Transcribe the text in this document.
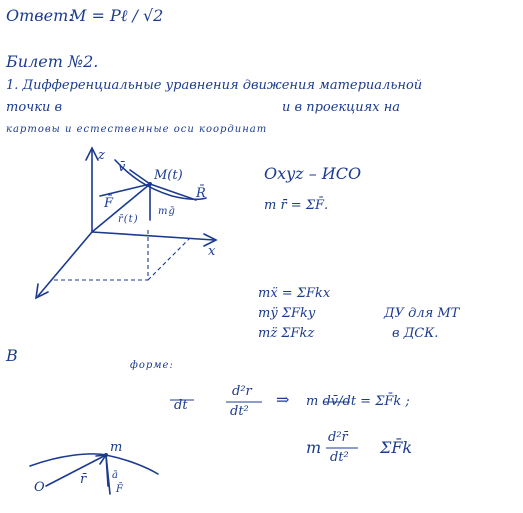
Ответ:
M = Pℓ / √2
Билет №2.
1. Дифференциальные уравнения движения материальной
точки в	и в проекциях на
картовы и естественные оси координат
z
x
M(t)
v̄
F̄
R̄
r̄(t)
mḡ
Oxyz – ИСО
m r̄̈ = ΣF̄.
mẍ = ΣFkx
mÿ ΣFky
mz̈ ΣFkz
ДУ для МТ
в ДСК.
B
форме:
dt
d²r
dt²
⇒ m dv̄/dt = ΣF̄k ;
m
d²r̄
dt²
ΣF̄k
O
m
r̄	ā
F̄
